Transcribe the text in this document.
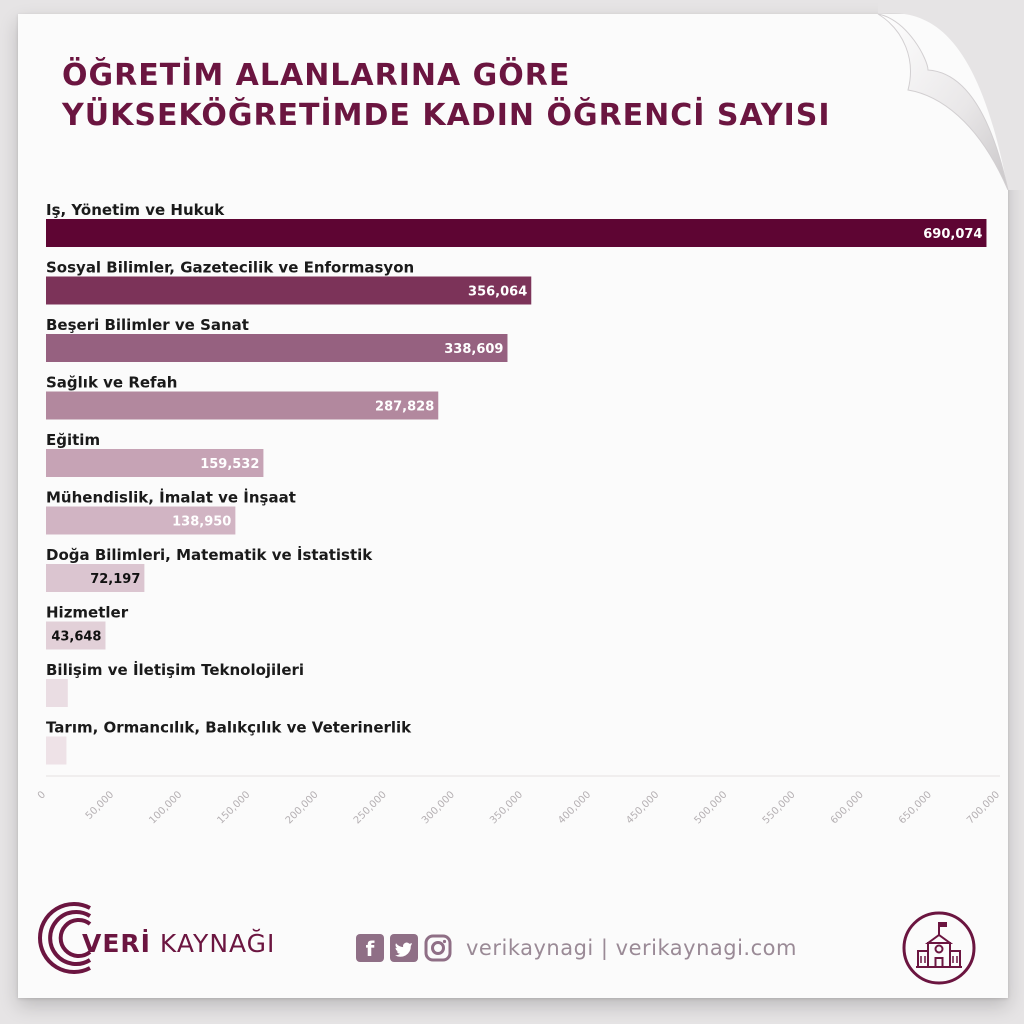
ÖĞRETİM ALANLARINA GÖRE
YÜKSEKÖĞRETİMDE KADIN ÖĞRENCİ SAYISI
Iş, Yönetim ve Hukuk
690,074
Sosyal Bilimler, Gazetecilik ve Enformasyon
356,064
Beşeri Bilimler ve Sanat
338,609
Sağlık ve Refah
287,828
Eğitim
159,532
Mühendislik, İmalat ve İnşaat
138,950
Doğa Bilimleri, Matematik ve İstatistik
72,197
Hizmetler
43,648
Bilişim ve İletişim Teknolojileri
Tarım, Ormancılık, Balıkçılık ve Veterinerlik
0	50,000	100,000	150,000	200,000	250,000	300,000	350,000	400,000	450,000	500,000	550,000	600,000	650,000	700,000
VERİ KAYNAĞI	f	verikaynagi | verikaynagi.com
